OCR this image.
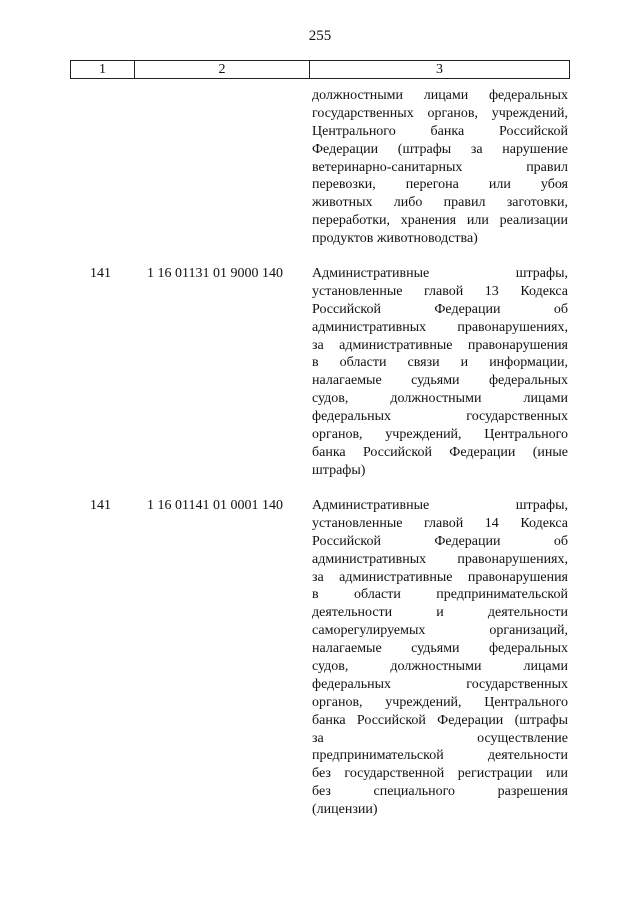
255
1	2	3
должностными лицами федеральных
государственных органов, учреждений,
Центрального банка Российской
Федерации (штрафы за нарушение
ветеринарно-санитарных правил
перевозки, перегона или убоя
животных либо правил заготовки,
переработки, хранения или реализации
продуктов животноводства)
141	1 16 01131 01 9000 140 Административные штрафы,
установленные главой 13 Кодекса
Российской Федерации об
административных правонарушениях,
за административные правонарушения
в области связи и информации,
налагаемые судьями федеральных
судов, должностными лицами
федеральных государственных
органов, учреждений, Центрального
банка Российской Федерации (иные
штрафы)
141	1 16 01141 01 0001 140 Административные штрафы,
установленные главой 14 Кодекса
Российской Федерации об
административных правонарушениях,
за административные правонарушения
в области предпринимательской
деятельности и деятельности
саморегулируемых организаций,
налагаемые судьями федеральных
судов, должностными лицами
федеральных государственных
органов, учреждений, Центрального
банка Российской Федерации (штрафы
за осуществление
предпринимательской деятельности
без государственной регистрации или
без специального разрешения
(лицензии)
